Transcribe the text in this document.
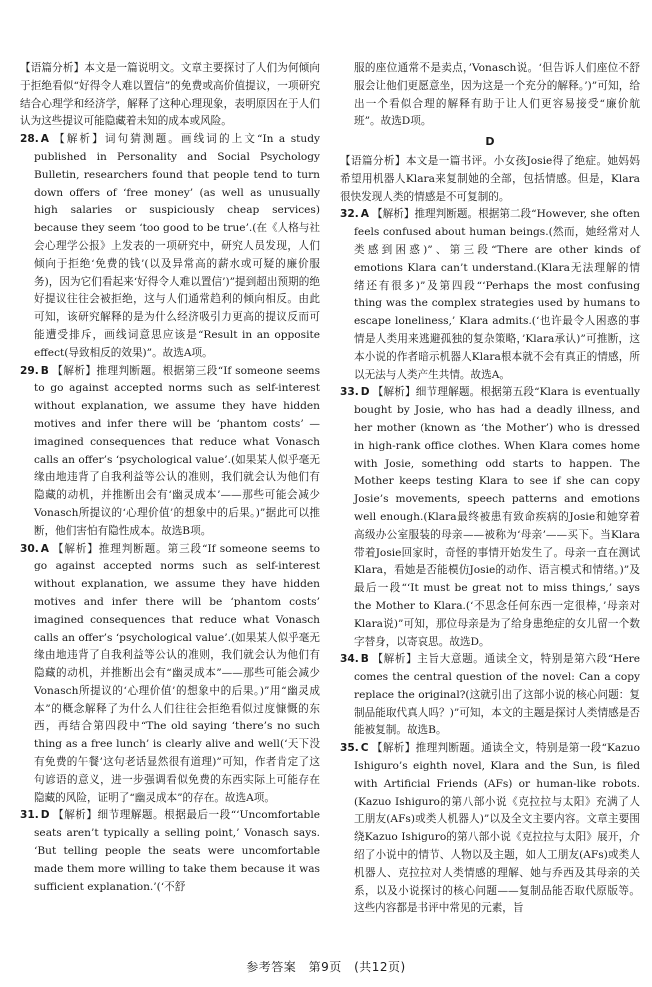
【语篇分析】本文是一篇说明文。文章主要探讨了人们为何倾向于拒绝看似“好得令人难以置信”的免费或高价值提议，一项研究结合心理学和经济学，解释了这种心理现象，表明原因在于人们认为这些提议可能隐藏着未知的成本或风险。

28. A 【解析】词句猜测题。画线词的上文“In a study published in Personality and Social Psychology Bulletin, researchers found that people tend to turn down offers of ‘free money’ (as well as unusually high salaries or suspiciously cheap services) because they seem ‘too good to be true’.(在《人格与社会心理学公报》上发表的一项研究中，研究人员发现，人们倾向于拒绝‘免费的钱’(以及异常高的薪水或可疑的廉价服务)，因为它们看起来‘好得令人难以置信’)”提到超出预期的绝好提议往往会被拒绝，这与人们通常趋利的倾向相反。由此可知，该研究解释的是为什么经济吸引力更高的提议反而可能遭受排斥，画线词意思应该是“Result in an opposite effect(导致相反的效果)”。故选A项。

29. B 【解析】推理判断题。根据第三段“If someone seems to go against accepted norms such as self-interest without explanation, we assume they have hidden motives and infer there will be ‘phantom costs’ — imagined consequences that reduce what Vonasch calls an offer’s ‘psychological value’.(如果某人似乎毫无缘由地违背了自我利益等公认的准则，我们就会认为他们有隐藏的动机，并推断出会有‘幽灵成本’——那些可能会减少Vonasch所提议的‘心理价值’的想象中的后果。)”据此可以推断，他们害怕有隐性成本。故选B项。

30. A 【解析】推理判断题。第三段“If someone seems to go against accepted norms such as self-interest without explanation, we assume they have hidden motives and infer there will be ‘phantom costs’ imagined consequences that reduce what Vonasch calls an offer’s ‘psychological value’.(如果某人似乎毫无缘由地违背了自我利益等公认的准则，我们就会认为他们有隐藏的动机，并推断出会有“幽灵成本”——那些可能会减少Vonasch所提议的‘心理价值’的想象中的后果。)”用“幽灵成本”的概念解释了为什么人们往往会拒绝看似过度慷慨的东西，再结合第四段中“The old saying ‘there’s no such thing as a free lunch’ is clearly alive and well(‘天下没有免费的午餐’这句老话显然很有道理)”可知，作者肯定了这句谚语的意义，进一步强调看似免费的东西实际上可能存在隐藏的风险，证明了“幽灵成本”的存在。故选A项。

31. D 【解析】细节理解题。根据最后一段“‘Uncomfortable seats aren’t typically a selling point,’ Vonasch says. ‘But telling people the seats were uncomfortable made them more willing to take them because it was sufficient explanation.’(‘不舒

服的座位通常不是卖点，’Vonasch说。‘但告诉人们座位不舒服会让他们更愿意坐，因为这是一个充分的解释。’)”可知，给出一个看似合理的解释有助于让人们更容易接受“廉价航班”。故选D项。

D

【语篇分析】本文是一篇书评。小女孩Josie得了绝症。她妈妈希望用机器人Klara来复制她的全部，包括情感。但是，Klara很快发现人类的情感是不可复制的。

32. A 【解析】推理判断题。根据第二段“However, she often feels confused about human beings.(然而，她经常对人类感到困惑)”、第三段“There are other kinds of emotions Klara can’t understand.(Klara无法理解的情绪还有很多)”及第四段“‘Perhaps the most confusing thing was the complex strategies used by humans to escape loneliness,’ Klara admits.(‘也许最令人困惑的事情是人类用来逃避孤独的复杂策略，’Klara承认)”可推断，这本小说的作者暗示机器人Klara根本就不会有真正的情感，所以无法与人类产生共情。故选A。

33. D 【解析】细节理解题。根据第五段“Klara is eventually bought by Josie, who has had a deadly illness, and her mother (known as ‘the Mother’) who is dressed in high-rank office clothes. When Klara comes home with Josie, something odd starts to happen. The Mother keeps testing Klara to see if she can copy Josie’s movements, speech patterns and emotions well enough.(Klara最终被患有致命疾病的Josie和她穿着高级办公室服装的母亲——被称为‘母亲’——买下。当Klara带着Josie回家时，奇怪的事情开始发生了。母亲一直在测试Klara，看她是否能模仿Josie的动作、语言模式和情绪。)”及最后一段“‘It must be great not to miss things,’ says the Mother to Klara.(‘不思念任何东西一定很棒，’母亲对Klara说)”可知，那位母亲是为了给身患绝症的女儿留一个数字替身，以寄哀思。故选D。

34. B 【解析】主旨大意题。通读全文，特别是第六段“Here comes the central question of the novel: Can a copy replace the original?(这就引出了这部小说的核心问题：复制品能取代真人吗？)”可知，本文的主题是探讨人类情感是否能被复制。故选B。

35. C 【解析】推理判断题。通读全文，特别是第一段“Kazuo Ishiguro’s eighth novel, Klara and the Sun, is filed with Artificial Friends (AFs) or human-like robots.(Kazuo Ishiguro的第八部小说《克拉拉与太阳》充满了人工朋友(AFs)或类人机器人)”以及全文主要内容。文章主要围绕Kazuo Ishiguro的第八部小说《克拉拉与太阳》展开，介绍了小说中的情节、人物以及主题，如人工朋友(AFs)或类人机器人、克拉拉对人类情感的理解、她与乔西及其母亲的关系，以及小说探讨的核心问题——复制品能否取代原版等。这些内容都是书评中常见的元素，旨

参考答案 第9页 (共12页)
